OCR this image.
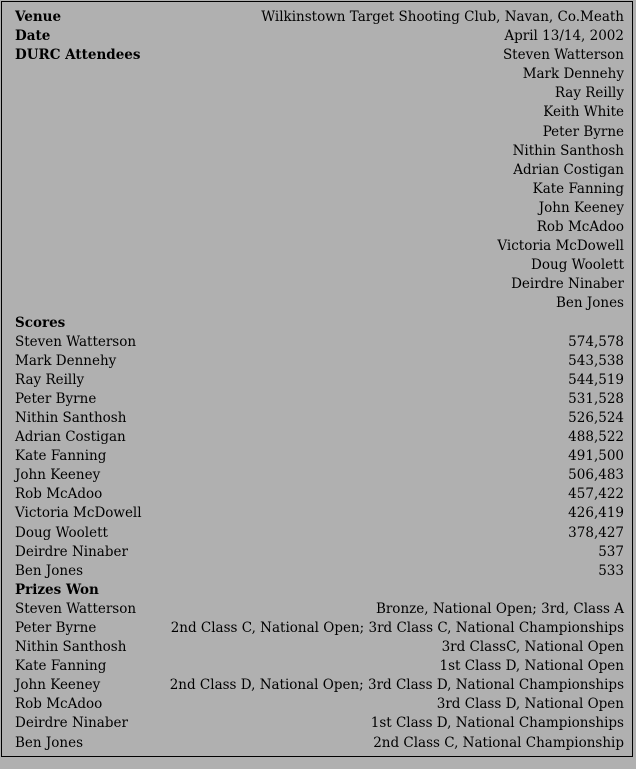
Venue	Wilkinstown Target Shooting Club, Navan, Co.Meath
Date	April 13/14, 2002
DURC Attendees	Steven Watterson
	Mark Dennehy
	Ray Reilly
	Keith White
	Peter Byrne
	Nithin Santhosh
	Adrian Costigan
	Kate Fanning
	John Keeney
	Rob McAdoo
	Victoria McDowell
	Doug Woolett
	Deirdre Ninaber
	Ben Jones
Scores	
Steven Watterson	574,578
Mark Dennehy	543,538
Ray Reilly	544,519
Peter Byrne	531,528
Nithin Santhosh	526,524
Adrian Costigan	488,522
Kate Fanning	491,500
John Keeney	506,483
Rob McAdoo	457,422
Victoria McDowell	426,419
Doug Woolett	378,427
Deirdre Ninaber	537
Ben Jones	533
Prizes Won	
Steven Watterson	Bronze, National Open; 3rd, Class A
Peter Byrne	2nd Class C, National Open; 3rd Class C, National Championships
Nithin Santhosh	3rd ClassC, National Open
Kate Fanning	1st Class D, National Open
John Keeney	2nd Class D, National Open; 3rd Class D, National Championships
Rob McAdoo	3rd Class D, National Open
Deirdre Ninaber	1st Class D, National Championships
Ben Jones	2nd Class C, National Championship
